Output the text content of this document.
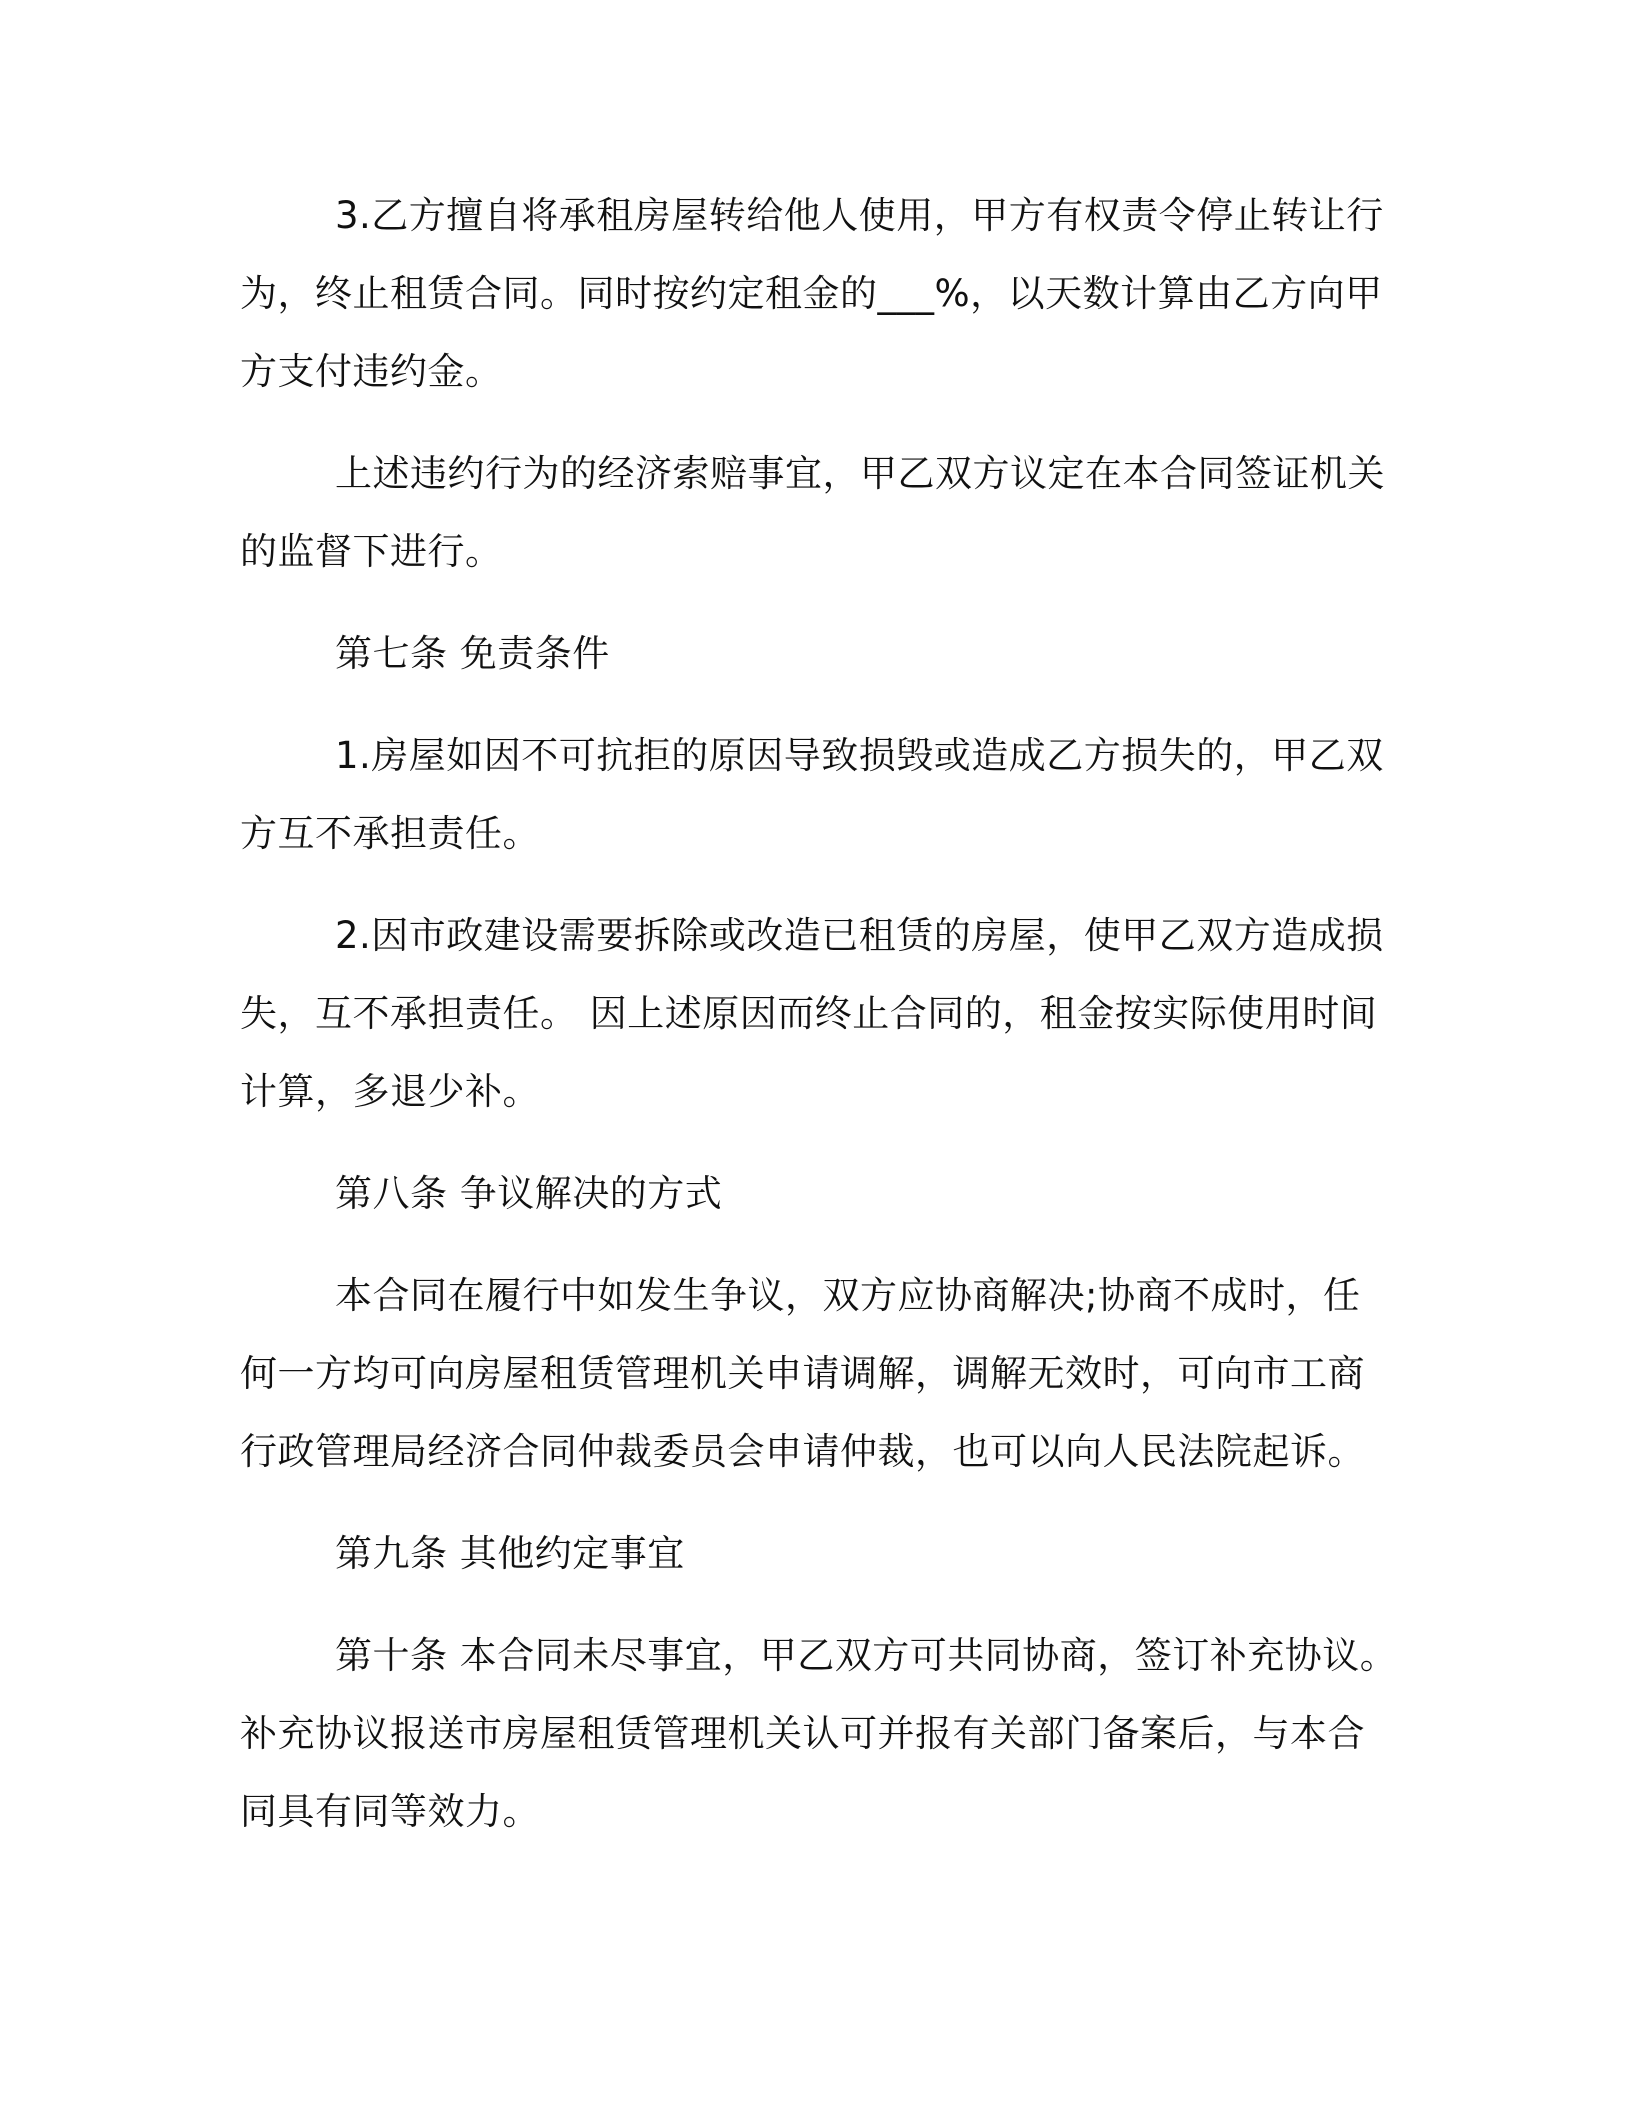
3.乙方擅自将承租房屋转给他人使用，甲方有权责令停止转让行
为，终止租赁合同。同时按约定租金的___%，以天数计算由乙方向甲
方支付违约金。
上述违约行为的经济索赔事宜，甲乙双方议定在本合同签证机关
的监督下进行。
第七条 免责条件
1.房屋如因不可抗拒的原因导致损毁或造成乙方损失的，甲乙双
方互不承担责任。
2.因市政建设需要拆除或改造已租赁的房屋，使甲乙双方造成损
失，互不承担责任。 因上述原因而终止合同的，租金按实际使用时间
计算，多退少补。
第八条 争议解决的方式
本合同在履行中如发生争议，双方应协商解决;协商不成时，任
何一方均可向房屋租赁管理机关申请调解，调解无效时，可向市工商
行政管理局经济合同仲裁委员会申请仲裁，也可以向人民法院起诉。
第九条 其他约定事宜
第十条 本合同未尽事宜，甲乙双方可共同协商，签订补充协议。
补充协议报送市房屋租赁管理机关认可并报有关部门备案后，与本合
同具有同等效力。
